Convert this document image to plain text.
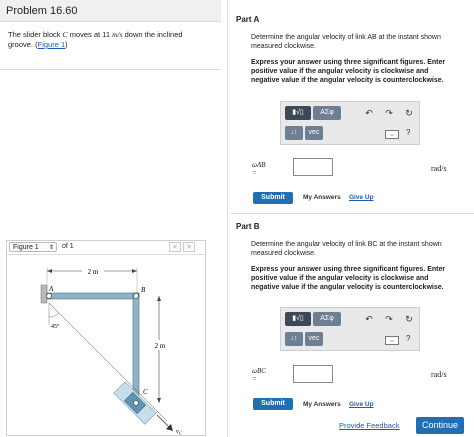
Problem 16.60
The slider block C moves at 11 m/s down the inclined
groove. (Figure 1)
Figure 1 ⇕ of 1	<	>
2 m
A	B
45°
C
2 m
$v_C$
Part A
Determine the angular velocity of link AB at the instant shown
measured clockwise.
Express your answer using three significant figures. Enter
positive value if the angular velocity is clockwise and
negative value if the angular velocity is counterclockwise.
▮√▯	ΑΣφ	↶ ↷ ↻
↓↑	vec	▭	?
ωAB
=	rad/s
Submit	My Answers Give Up
Part B
Determine the angular velocity of link BC at the instant shown
measured clockwise.
Express your answer using three significant figures. Enter
positive value if the angular velocity is clockwise and
negative value if the angular velocity is counterclockwise.
▮√▯	ΑΣφ	↶ ↷ ↻
↓↑	vec	▭	?
ωBC
=	rad/s
Submit	My Answers Give Up
Provide Feedback	Continue
